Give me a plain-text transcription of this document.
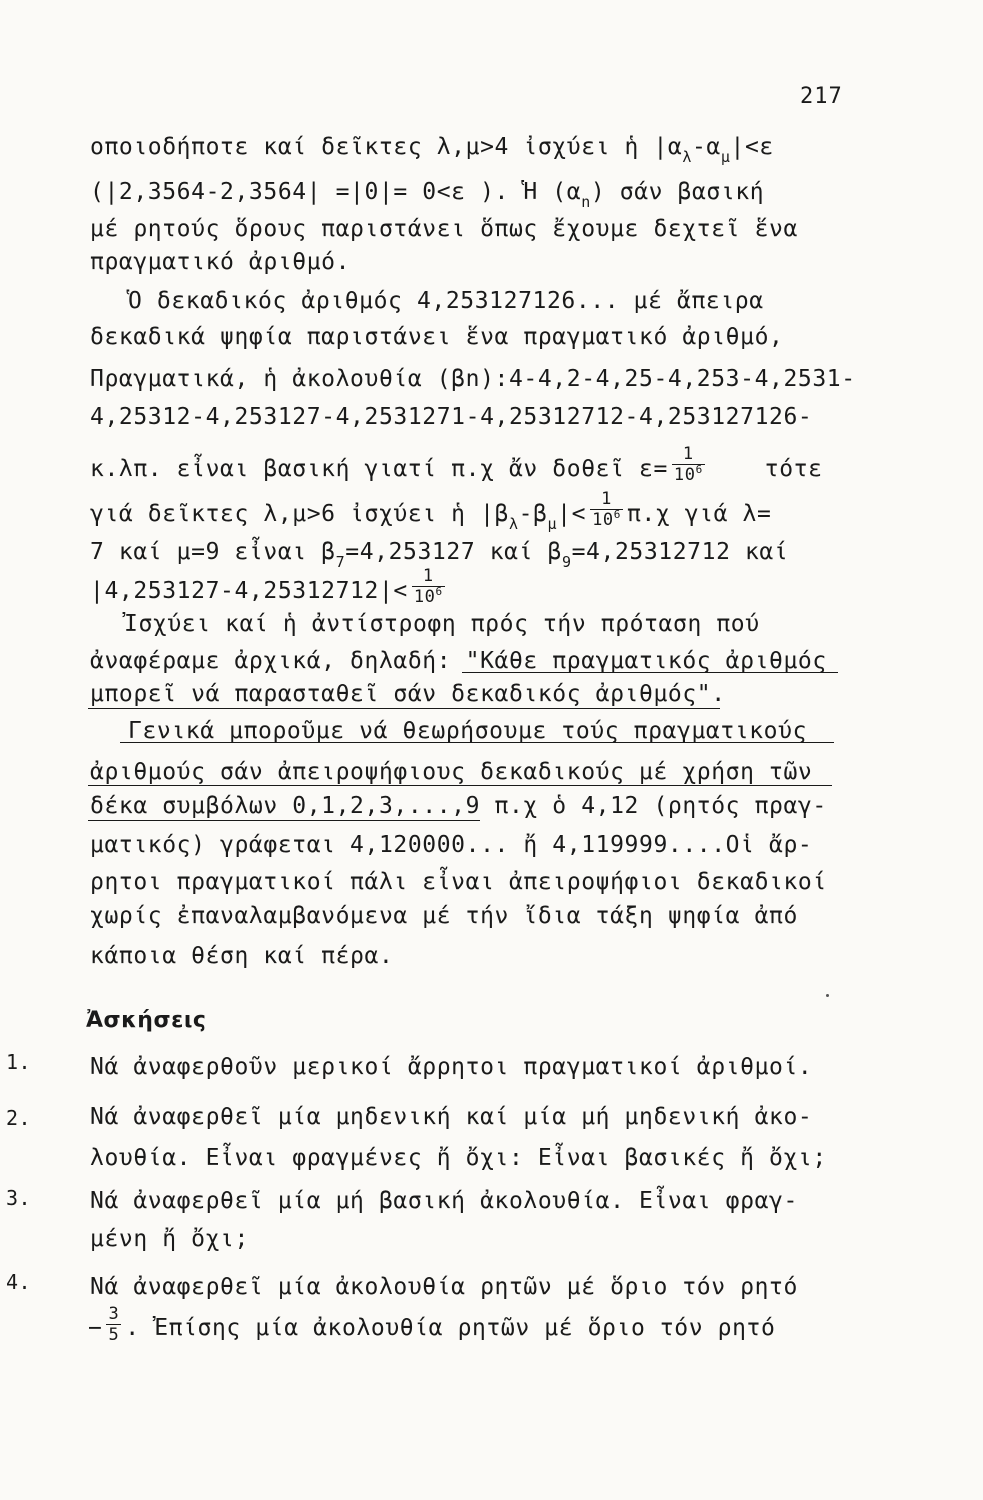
217
οποιοδήποτε καί δεῖκτες λ,μ>4 ἰσχύει ἡ $|\alpha_\lambda-\alpha_\mu|<\varepsilon$
(|2,3564-2,3564| =|0|= 0<ε ). Ἡ $(\alpha_n)$ σάν βασική
μέ ρητούς ὅρους παριστάνει ὅπως ἔχουμε δεχτεῖ ἕνα
πραγματικό ἀριθμό.
Ὁ δεκαδικός ἀριθμός 4,253127126... μέ ἄπειρα
δεκαδικά ψηφία παριστάνει ἕνα πραγματικό ἀριθμό,
Πραγματικά, ἡ ἀκολουθία (βn):4-4,2-4,25-4,253-4,2531-
4,25312-4,253127-4,2531271-4,25312712-4,253127126-
κ.λπ. εἶναι βασική γιατί π.χ ἄν δοθεῖ $\varepsilon= \frac{1}{10^6}$	τότε
γιά δεῖκτες λ,μ>6 ἰσχύει ἡ $|\beta_\lambda-\beta_\mu|< \frac{1}{10^6} \pi.\chi$ γιά λ=
7 καί μ=9 εἶναι $\beta_7=4,253127$ καί $\beta_9=4,25312712$ καί
$|4,253127-4,25312712|< \frac{1}{10^6}$
Ἰσχύει καί ἡ ἀντίστροφη πρός τήν πρόταση πού
ἀναφέραμε ἀρχικά, δηλαδή: "Κάθε πραγματικός ἀριθμός
μπορεῖ νά παρασταθεῖ σάν δεκαδικός ἀριθμός".
Γενικά μποροῦμε νά θεωρήσουμε τούς πραγματικούς
ἀριθμούς σάν ἀπειροψήφιους δεκαδικούς μέ χρήση τῶν
δέκα συμβόλων 0,1,2,3,...,9 π.χ ὁ 4,12 (ρητός πραγ-
ματικός) γράφεται 4,120000... ἤ 4,119999....Οἱ ἄρ-
ρητοι πραγματικοί πάλι εἶναι ἀπειροψήφιοι δεκαδικοί
χωρίς ἐπαναλαμβανόμενα μέ τήν ἴδια τάξη ψηφία ἀπό
κάποια θέση καί πέρα.
Ἀσκήσεις
1.	Νά ἀναφερθοῦν μερικοί ἄρρητοι πραγματικοί ἀριθμοί.
2.	Νά ἀναφερθεῖ μία μηδενική καί μία μή μηδενική ἀκο-
λουθία. Εἶναι φραγμένες ἤ ὄχι: Εἶναι βασικές ἤ ὄχι;
3.	Νά ἀναφερθεῖ μία μή βασική ἀκολουθία. Εἶναι φραγ-
μένη ἤ ὄχι;
4.	Νά ἀναφερθεῖ μία ἀκολουθία ρητῶν μέ ὅριο τόν ρητό
− $\frac{3}{5}$ . Ἐπίσης μία ἀκολουθία ρητῶν μέ ὅριο τόν ρητό
